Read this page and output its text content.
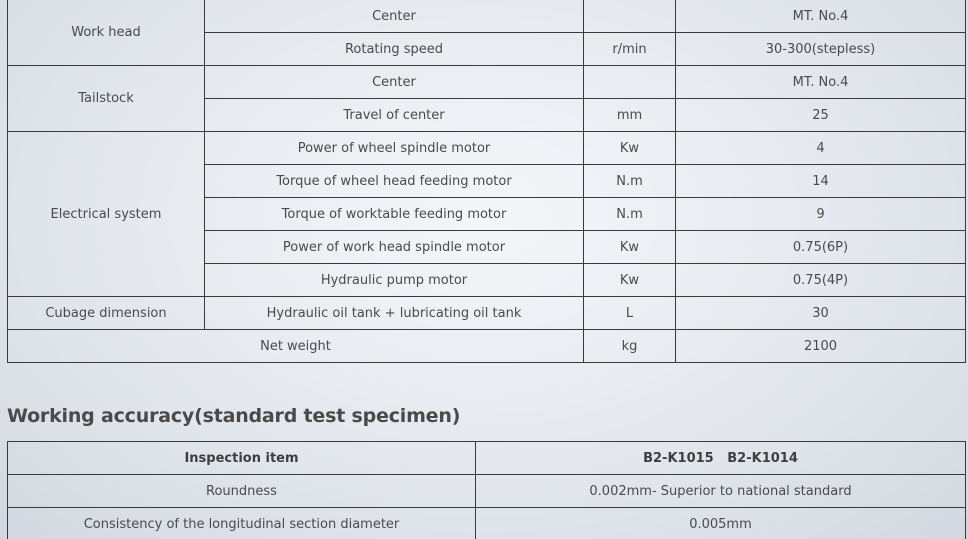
Work head	Center		MT. No.4
	Rotating speed	r/min	30-300(stepless)
Tailstock	Center		MT. No.4
	Travel of center	mm	25
Electrical system	Power of wheel spindle motor	Kw	4
	Torque of wheel head feeding motor	N.m	14
	Torque of worktable feeding motor	N.m	9
	Power of work head spindle motor	Kw	0.75(6P)
	Hydraulic pump motor	Kw	0.75(4P)
Cubage dimension	Hydraulic oil tank + lubricating oil tank	L	30
Net weight		kg	2100
Working accuracy(standard test specimen)
Inspection item	B2-K1015   B2-K1014
Roundness	0.002mm- Superior to national standard
Consistency of the longitudinal section diameter	0.005mm
